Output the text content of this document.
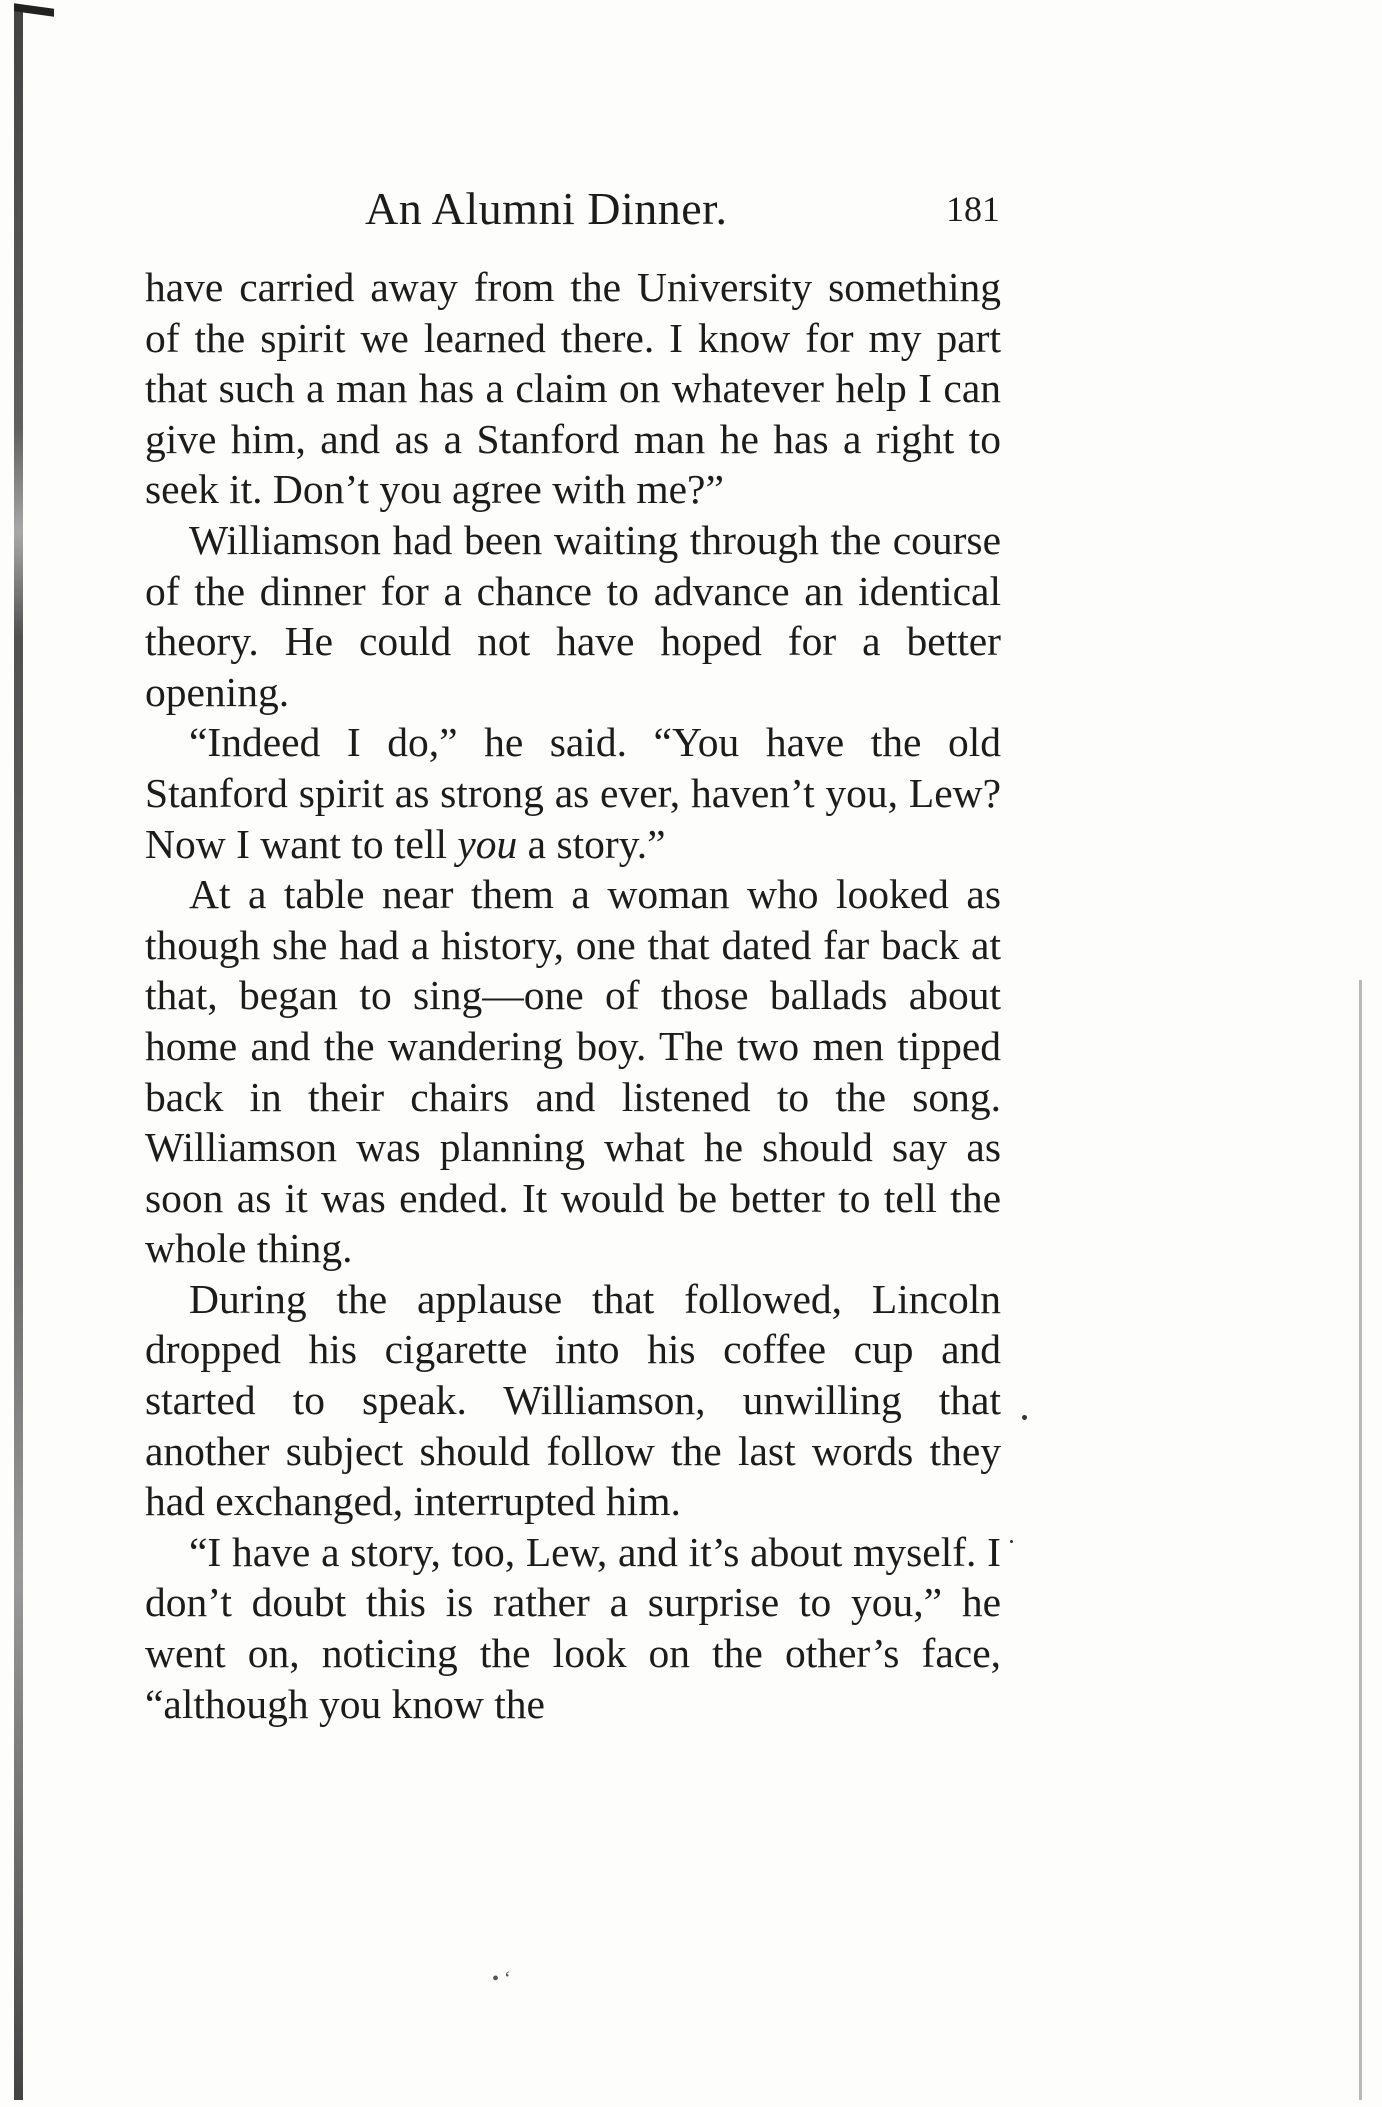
An Alumni Dinner.	181

have carried away from the University something of the spirit we learned there. I know for my part that such a man has a claim on whatever help I can give him, and as a Stanford man he has a right to seek it. Don’t you agree with me?”

Williamson had been waiting through the course of the dinner for a chance to advance an identical theory. He could not have hoped for a better opening.

“Indeed I do,” he said. “You have the old Stanford spirit as strong as ever, haven’t you, Lew? Now I want to tell you a story.”

At a table near them a woman who looked as though she had a history, one that dated far back at that, began to sing—one of those ballads about home and the wandering boy. The two men tipped back in their chairs and listened to the song. Williamson was planning what he should say as soon as it was ended. It would be better to tell the whole thing.

During the applause that followed, Lincoln dropped his cigarette into his coffee cup and started to speak. Williamson, unwilling that another subject should follow the last words they had exchanged, interrupted him.

“I have a story, too, Lew, and it’s about myself. I don’t doubt this is rather a surprise to you,” he went on, noticing the look on the other’s face, “although you know the

• ‘
